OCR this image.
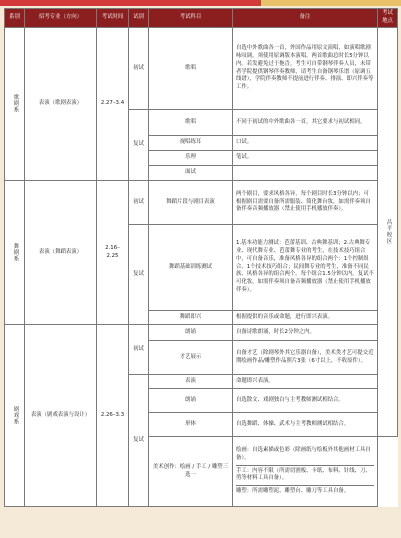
系别	招考专业（方向）	考试时间	试别	考试科目	备注	考试地点
歌剧系	表演（歌剧表演）	2.27–3.4	初试	歌唱	自选中外歌曲各一首，外国作品用原文演唱，如演唱歌剧咏叹调，须使用原调版本演唱。两首歌曲总时长5分钟以内。若发避免过于拖沓。考生可自带钢琴伴奏人员，未带者学院提供钢琴伴奏教师，请考生自备钢琴乐谱（原调五线谱），学院伴奏教师不提前进行伴奏、排演、即兴伴奏等工作。	昌平校区
			复试	歌唱	不同于初试的中外歌曲各一首，其它要求与初试相同。	
				视唱练耳	口试。	
				乐理	笔试。	
				面试		
舞剧系	表演（舞蹈表演）	2.16–2.25	初试	舞蹈片段与剧目表演	两个剧目，要求风格各异，每个剧目时长3分钟以内；可根据剧目需要自备所需服装、简化舞台妆，如需伴奏须自备伴奏音频播放器（禁止使用手机播放伴奏）。	
			复试	舞蹈基础训练测试	1.基本功能力测试：芭蕾基训、古典舞基训；2.古典舞专业、现代舞专业、芭蕾舞专业的考生，在技术技巧组合中，可自备音乐，准备风格各异的组合两个：1个控制组合，1个技术技巧组合；民间舞专业的考生，准备不同民族、风格各异的组合两个。每个组合1.5分钟以内。复试不可化妆，如需伴奏须自备音频播放器（禁止使用手机播放伴奏）。	
				舞蹈即兴	根据提供的音乐或命题，进行即兴表演。	
剧戏系	表演（剧戏表演与设计）	2.26–3.3	初试	朗诵	自备诗歌朗诵，时长2分钟之内。	
				才艺展示	自备才艺（除剧琴外其它乐器自备），美术类才艺可提交近期绘画作品/雕塑作品照片3张（6寸以上，不收原件）。	
			复试	表演	命题即兴表演。	
				朗诵	自选散文、戏剧独白与主考教师测试相结合。	
				形体	自选舞蹈、体操、武术与主考教师测试相结合。	
				美术创作：绘画 / 手工 / 雕塑三选一	绘画：自选素描或色彩（除画纸与绘板外其他画材工具自备）。
手工：内容不限（所需切割板、卡纸、布料、针线、刀、剪等材料工具自备）。
雕塑：所需雕塑泥、雕塑台、雕刀等工具自备。	
